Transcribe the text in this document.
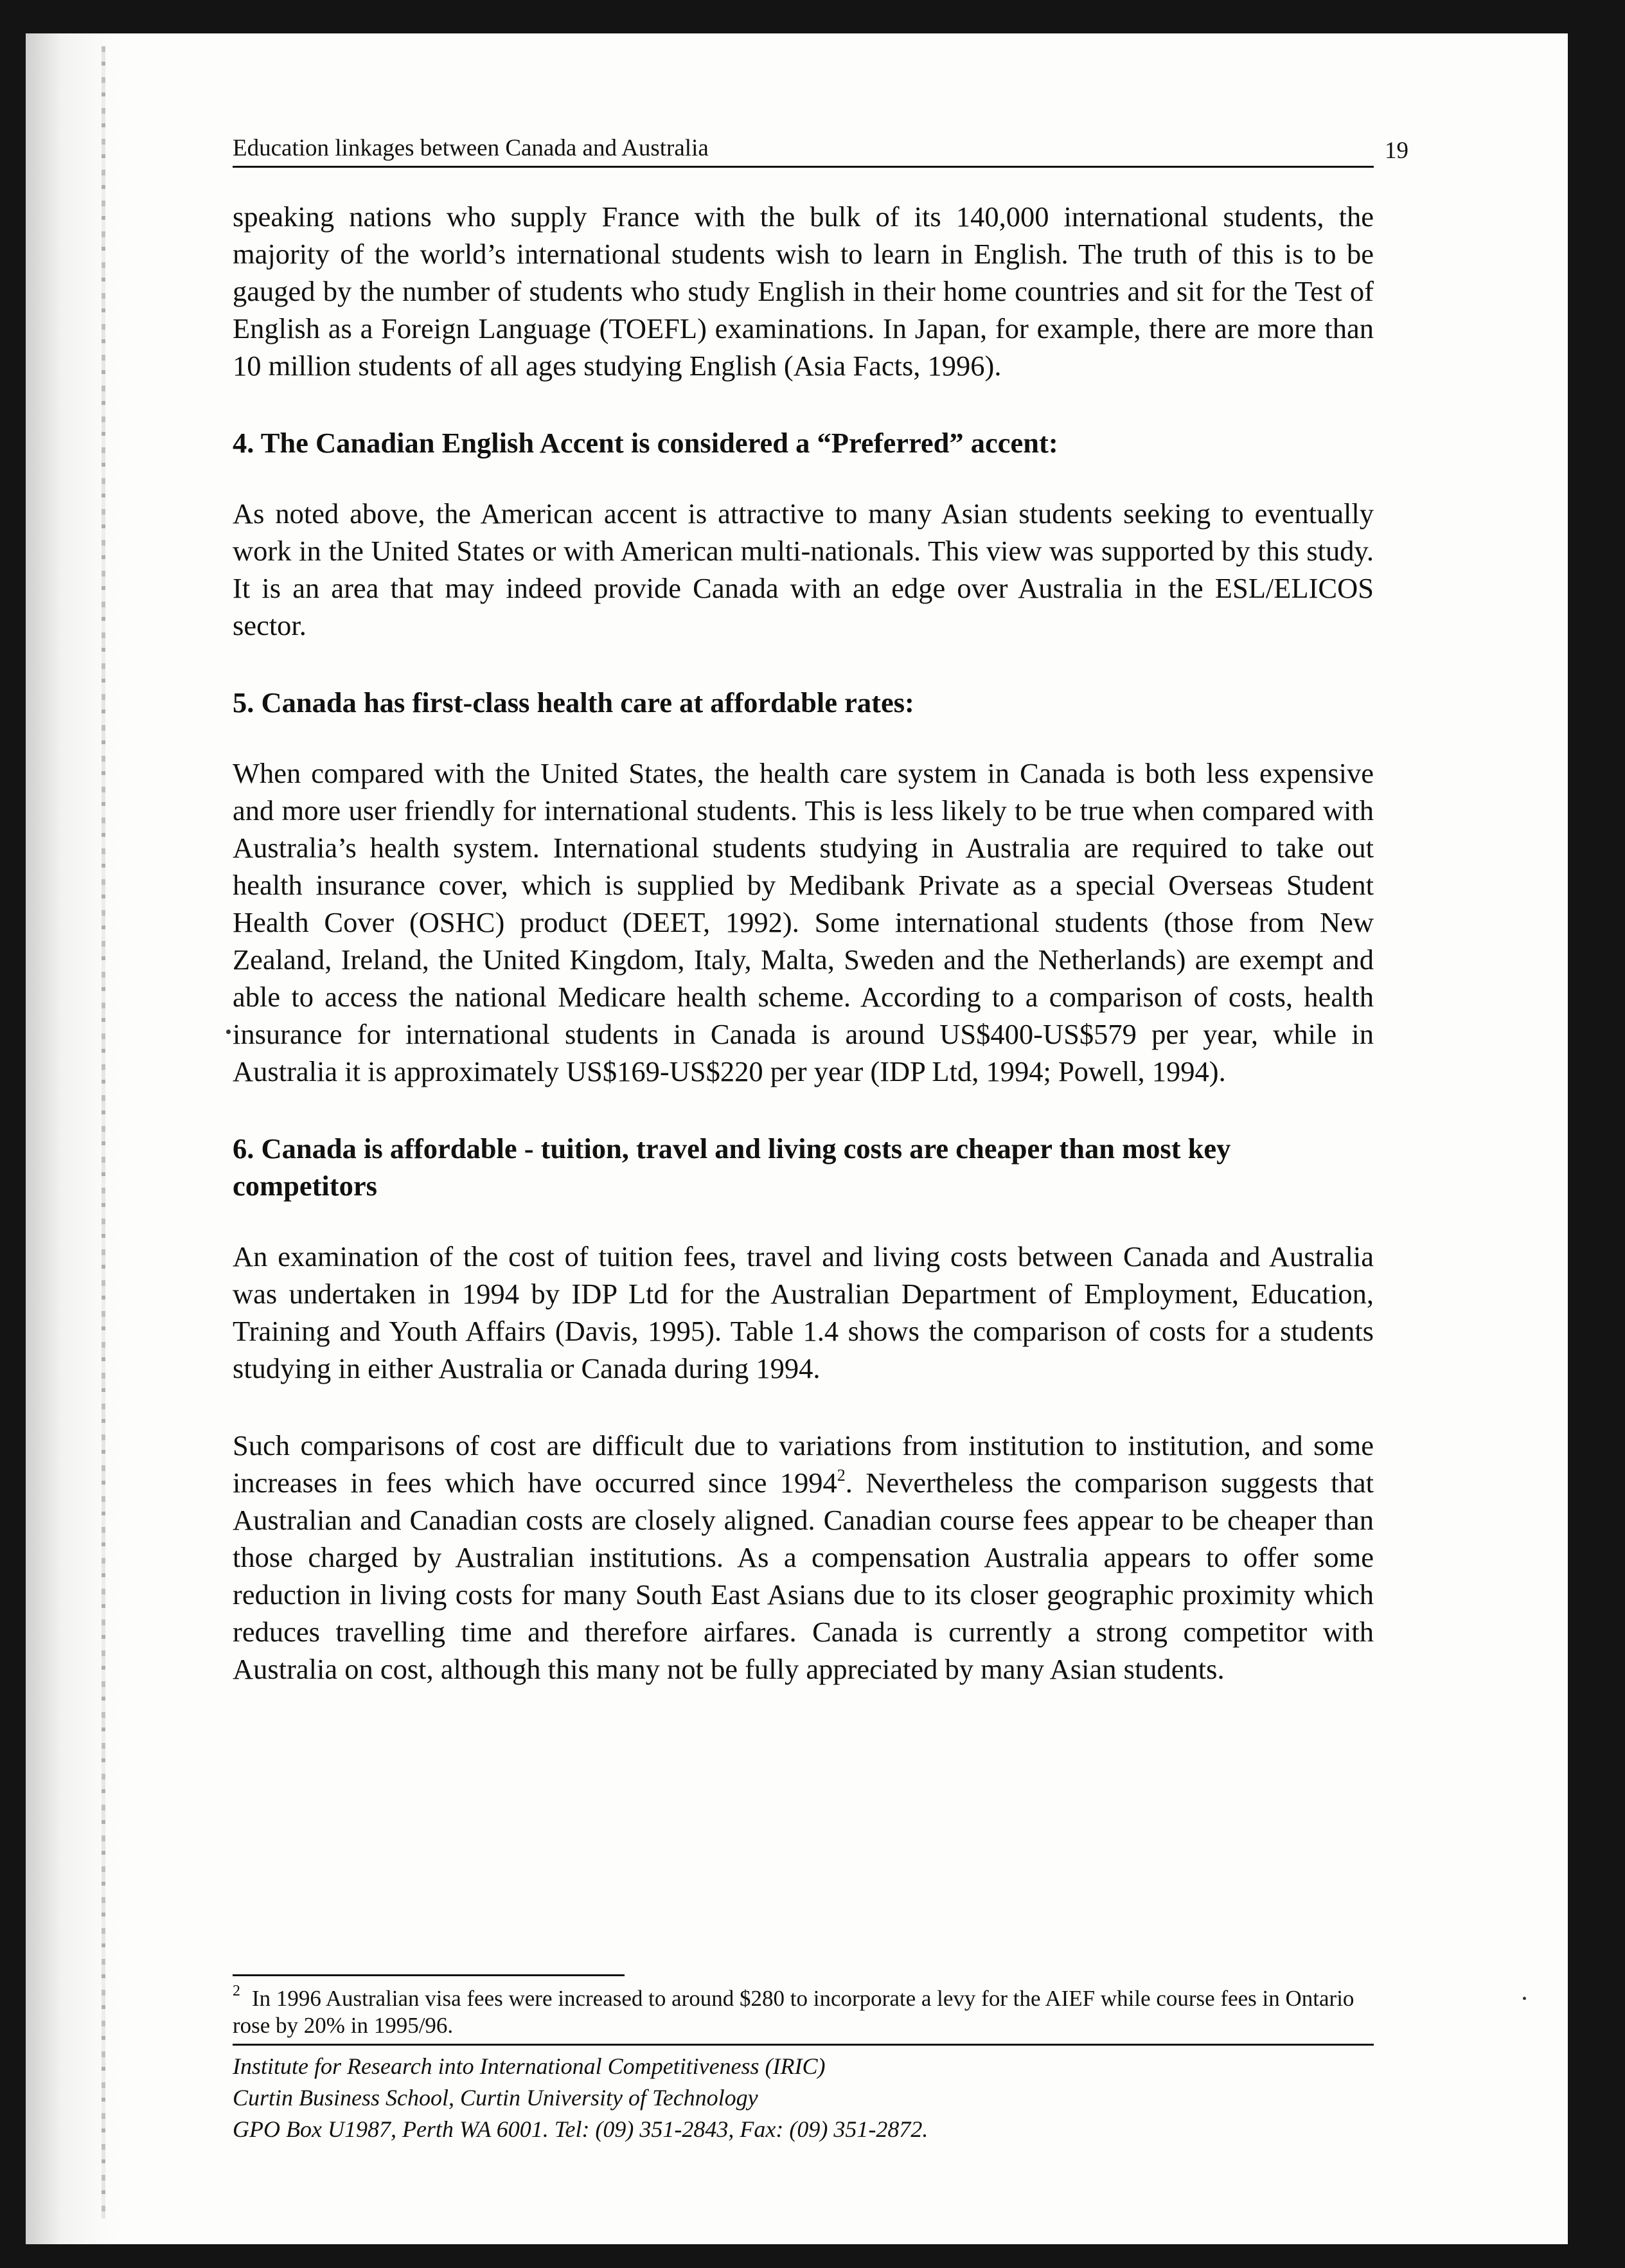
Education linkages between Canada and Australia	19

speaking nations who supply France with the bulk of its 140,000 international students, the majority of the world’s international students wish to learn in English. The truth of this is to be gauged by the number of students who study English in their home countries and sit for the Test of English as a Foreign Language (TOEFL) examinations. In Japan, for example, there are more than 10 million students of all ages studying English (Asia Facts, 1996).

4. The Canadian English Accent is considered a “Preferred” accent:

As noted above, the American accent is attractive to many Asian students seeking to eventually work in the United States or with American multi-nationals. This view was supported by this study. It is an area that may indeed provide Canada with an edge over Australia in the ESL/ELICOS sector.

5. Canada has first-class health care at affordable rates:

When compared with the United States, the health care system in Canada is both less expensive and more user friendly for international students. This is less likely to be true when compared with Australia’s health system. International students studying in Australia are required to take out health insurance cover, which is supplied by Medibank Private as a special Overseas Student Health Cover (OSHC) product (DEET, 1992). Some international students (those from New Zealand, Ireland, the United Kingdom, Italy, Malta, Sweden and the Netherlands) are exempt and able to access the national Medicare health scheme. According to a comparison of costs, health insurance for international students in Canada is around US$400-US$579 per year, while in Australia it is approximately US$169-US$220 per year (IDP Ltd, 1994; Powell, 1994).

6. Canada is affordable - tuition, travel and living costs are cheaper than most key competitors

An examination of the cost of tuition fees, travel and living costs between Canada and Australia was undertaken in 1994 by IDP Ltd for the Australian Department of Employment, Education, Training and Youth Affairs (Davis, 1995). Table 1.4 shows the comparison of costs for a students studying in either Australia or Canada during 1994.

Such comparisons of cost are difficult due to variations from institution to institution, and some increases in fees which have occurred since 1994$^2$. Nevertheless the comparison suggests that Australian and Canadian costs are closely aligned. Canadian course fees appear to be cheaper than those charged by Australian institutions. As a compensation Australia appears to offer some reduction in living costs for many South East Asians due to its closer geographic proximity which reduces travelling time and therefore airfares. Canada is currently a strong competitor with Australia on cost, although this many not be fully appreciated by many Asian students.

$^2$ In 1996 Australian visa fees were increased to around $280 to incorporate a levy for the AIEF while course fees in Ontario rose by 20% in 1995/96.

Institute for Research into International Competitiveness (IRIC)
Curtin Business School, Curtin University of Technology
GPO Box U1987, Perth WA 6001. Tel: (09) 351-2843, Fax: (09) 351-2872.
